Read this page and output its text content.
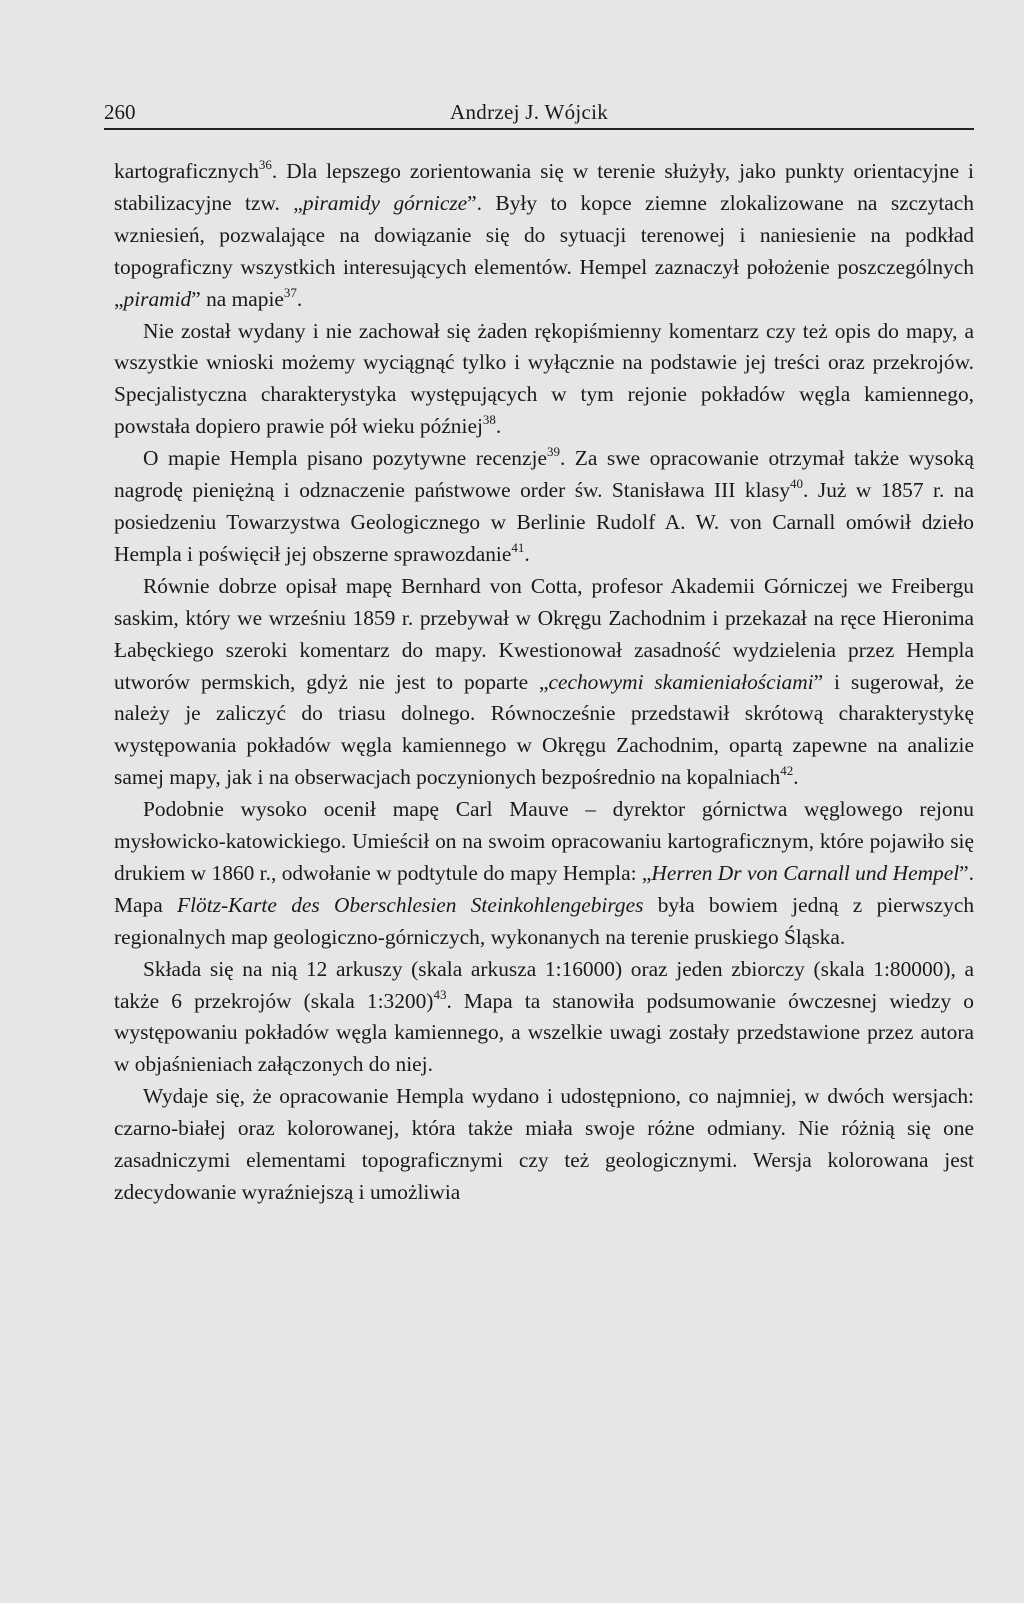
260	Andrzej J. Wójcik

kartograficznych$^{36}$. Dla lepszego zorientowania się w terenie służyły, jako punkty orientacyjne i stabilizacyjne tzw. „piramidy górnicze”. Były to kopce ziemne zlokalizowane na szczytach wzniesień, pozwalające na dowiązanie się do sytuacji terenowej i naniesienie na podkład topograficzny wszystkich interesujących elementów. Hempel zaznaczył położenie poszczególnych „piramid” na mapie$^{37}$.

Nie został wydany i nie zachował się żaden rękopiśmienny komentarz czy też opis do mapy, a wszystkie wnioski możemy wyciągnąć tylko i wyłącznie na podstawie jej treści oraz przekrojów. Specjalistyczna charakterystyka występujących w tym rejonie pokładów węgla kamiennego, powstała dopiero prawie pół wieku później$^{38}$.

O mapie Hempla pisano pozytywne recenzje$^{39}$. Za swe opracowanie otrzymał także wysoką nagrodę pieniężną i odznaczenie państwowe order św. Stanisława III klasy$^{40}$. Już w 1857 r. na posiedzeniu Towarzystwa Geologicznego w Berlinie Rudolf A. W. von Carnall omówił dzieło Hempla i poświęcił jej obszerne sprawozdanie$^{41}$.

Równie dobrze opisał mapę Bernhard von Cotta, profesor Akademii Górniczej we Freibergu saskim, który we wrześniu 1859 r. przebywał w Okręgu Zachodnim i przekazał na ręce Hieronima Łabęckiego szeroki komentarz do mapy. Kwestionował zasadność wydzielenia przez Hempla utworów permskich, gdyż nie jest to poparte „cechowymi skamieniałościami” i sugerował, że należy je zaliczyć do triasu dolnego. Równocześnie przedstawił skrótową charakterystykę występowania pokładów węgla kamiennego w Okręgu Zachodnim, opartą zapewne na analizie samej mapy, jak i na obserwacjach poczynionych bezpośrednio na kopalniach$^{42}$.

Podobnie wysoko ocenił mapę Carl Mauve – dyrektor górnictwa węglowego rejonu mysłowicko-katowickiego. Umieścił on na swoim opracowaniu kartograficznym, które pojawiło się drukiem w 1860 r., odwołanie w podtytule do mapy Hempla: „Herren Dr von Carnall und Hempel”. Mapa Flötz-Karte des Oberschlesien Steinkohlengebirges była bowiem jedną z pierwszych regionalnych map geologiczno-górniczych, wykonanych na terenie pruskiego Śląska.

Składa się na nią 12 arkuszy (skala arkusza 1:16000) oraz jeden zbiorczy (skala 1:80000), a także 6 przekrojów (skala 1:3200)$^{43}$. Mapa ta stanowiła podsumowanie ówczesnej wiedzy o występowaniu pokładów węgla kamiennego, a wszelkie uwagi zostały przedstawione przez autora w objaśnieniach załączonych do niej.

Wydaje się, że opracowanie Hempla wydano i udostępniono, co najmniej, w dwóch wersjach: czarno-białej oraz kolorowanej, która także miała swoje różne odmiany. Nie różnią się one zasadniczymi elementami topograficznymi czy też geologicznymi. Wersja kolorowana jest zdecydowanie wyraźniejszą i umożliwia
